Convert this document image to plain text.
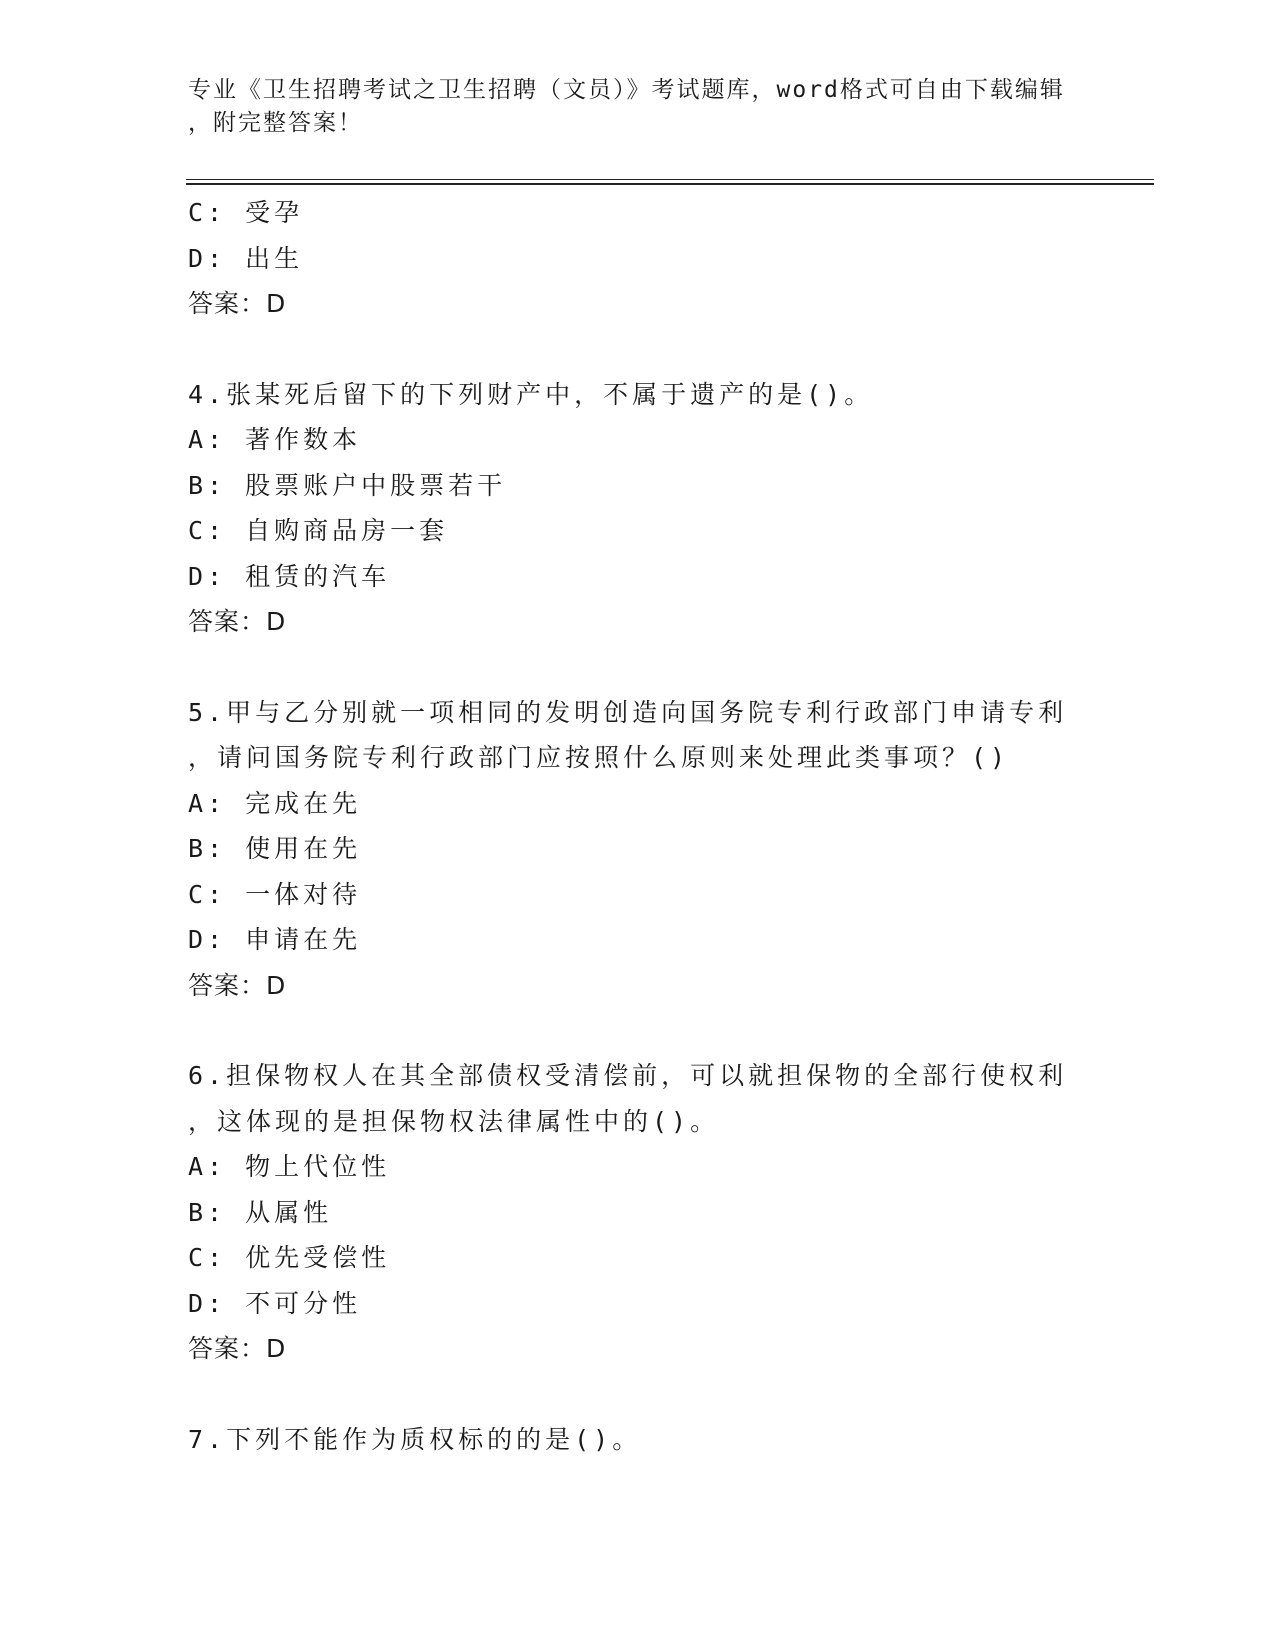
专业《卫生招聘考试之卫生招聘（文员）》考试题库，word格式可自由下载编辑
，附完整答案！
C: 受孕
D: 出生
答案：D
4.张某死后留下的下列财产中，不属于遗产的是()。
A: 著作数本
B: 股票账户中股票若干
C: 自购商品房一套
D: 租赁的汽车
答案：D
5.甲与乙分别就一项相同的发明创造向国务院专利行政部门申请专利
，请问国务院专利行政部门应按照什么原则来处理此类事项？()
A: 完成在先
B: 使用在先
C: 一体对待
D: 申请在先
答案：D
6.担保物权人在其全部债权受清偿前，可以就担保物的全部行使权利
，这体现的是担保物权法律属性中的()。
A: 物上代位性
B: 从属性
C: 优先受偿性
D: 不可分性
答案：D
7.下列不能作为质权标的的是()。
